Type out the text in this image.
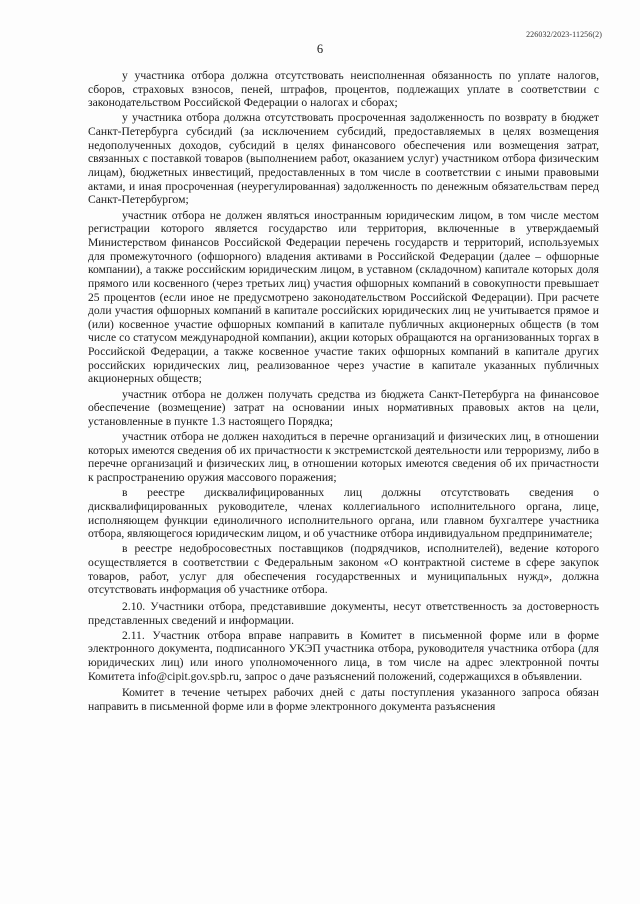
226032/2023-11256(2)
6

у участника отбора должна отсутствовать неисполненная обязанность по уплате налогов, сборов, страховых взносов, пеней, штрафов, процентов, подлежащих уплате в соответствии с законодательством Российской Федерации о налогах и сборах;

у участника отбора должна отсутствовать просроченная задолженность по возврату в бюджет Санкт-Петербурга субсидий (за исключением субсидий, предоставляемых в целях возмещения недополученных доходов, субсидий в целях финансового обеспечения или возмещения затрат, связанных с поставкой товаров (выполнением работ, оказанием услуг) участником отбора физическим лицам), бюджетных инвестиций, предоставленных в том числе в соответствии с иными правовыми актами, и иная просроченная (неурегулированная) задолженность по денежным обязательствам перед Санкт-Петербургом;

участник отбора не должен являться иностранным юридическим лицом, в том числе местом регистрации которого является государство или территория, включенные в утверждаемый Министерством финансов Российской Федерации перечень государств и территорий, используемых для промежуточного (офшорного) владения активами в Российской Федерации (далее – офшорные компании), а также российским юридическим лицом, в уставном (складочном) капитале которых доля прямого или косвенного (через третьих лиц) участия офшорных компаний в совокупности превышает 25 процентов (если иное не предусмотрено законодательством Российской Федерации). При расчете доли участия офшорных компаний в капитале российских юридических лиц не учитывается прямое и (или) косвенное участие офшорных компаний в капитале публичных акционерных обществ (в том числе со статусом международной компании), акции которых обращаются на организованных торгах в Российской Федерации, а также косвенное участие таких офшорных компаний в капитале других российских юридических лиц, реализованное через участие в капитале указанных публичных акционерных обществ;

участник отбора не должен получать средства из бюджета Санкт-Петербурга на финансовое обеспечение (возмещение) затрат на основании иных нормативных правовых актов на цели, установленные в пункте 1.3 настоящего Порядка;

участник отбора не должен находиться в перечне организаций и физических лиц, в отношении которых имеются сведения об их причастности к экстремистской деятельности или терроризму, либо в перечне организаций и физических лиц, в отношении которых имеются сведения об их причастности к распространению оружия массового поражения;

в реестре дисквалифицированных лиц должны отсутствовать сведения о дисквалифицированных руководителе, членах коллегиального исполнительного органа, лице, исполняющем функции единоличного исполнительного органа, или главном бухгалтере участника отбора, являющегося юридическим лицом, и об участнике отбора индивидуальном предпринимателе;

в реестре недобросовестных поставщиков (подрядчиков, исполнителей), ведение которого осуществляется в соответствии с Федеральным законом «О контрактной системе в сфере закупок товаров, работ, услуг для обеспечения государственных и муниципальных нужд», должна отсутствовать информация об участнике отбора.

2.10. Участники отбора, представившие документы, несут ответственность за достоверность представленных сведений и информации.

2.11. Участник отбора вправе направить в Комитет в письменной форме или в форме электронного документа, подписанного УКЭП участника отбора, руководителя участника отбора (для юридических лиц) или иного уполномоченного лица, в том числе на адрес электронной почты Комитета info@cipit.gov.spb.ru, запрос о даче разъяснений положений, содержащихся в объявлении.

Комитет в течение четырех рабочих дней с даты поступления указанного запроса обязан направить в письменной форме или в форме электронного документа разъяснения
